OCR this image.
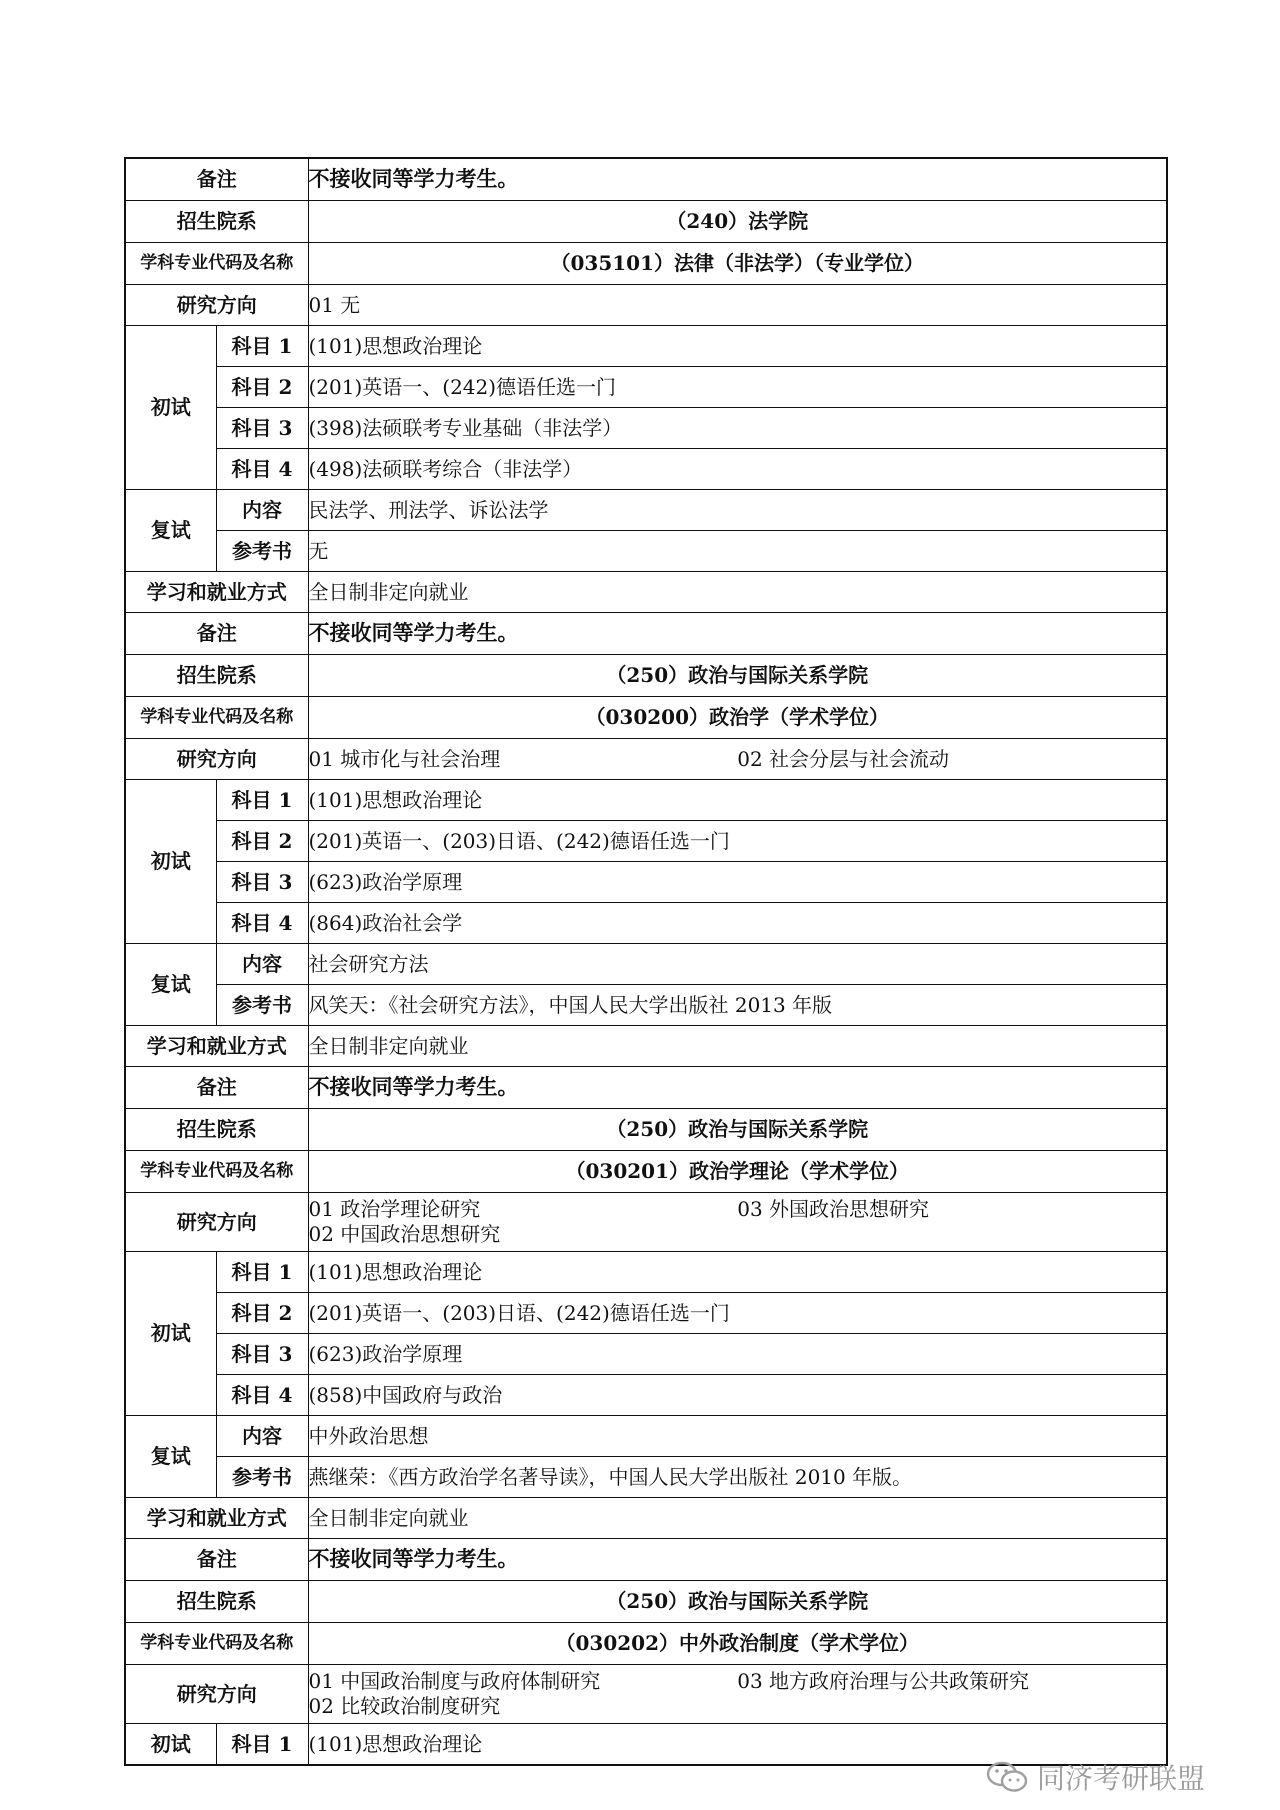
备注		不接收同等学力考生。
招生院系		（240）法学院
学科专业代码及名称		（035101）法律（非法学）（专业学位）
研究方向		01 无

初试	科目 1	(101)思想政治理论
	科目 2	(201)英语一、(242)德语任选一门
	科目 3	(398)法硕联考专业基础（非法学）
	科目 4	(498)法硕联考综合（非法学）
复试	内容	民法学、刑法学、诉讼法学
	参考书	无
学习和就业方式		全日制非定向就业
备注		不接收同等学力考生。
招生院系		（250）政治与国际关系学院
学科专业代码及名称		（030200）政治学（学术学位）
研究方向		01 城市化与社会治理 02 社会分层与社会流动

初试	科目 1	(101)思想政治理论
	科目 2	(201)英语一、(203)日语、(242)德语任选一门
	科目 3	(623)政治学原理
	科目 4	(864)政治社会学
复试	内容	社会研究方法
	参考书	风笑天：《社会研究方法》，中国人民大学出版社 2013 年版
学习和就业方式		全日制非定向就业
备注		不接收同等学力考生。
招生院系		（250）政治与国际关系学院
学科专业代码及名称		（030201）政治学理论（学术学位）
研究方向		01 政治学理论研究 03 外国政治思想研究
02 中国政治思想研究

初试	科目 1	(101)思想政治理论
	科目 2	(201)英语一、(203)日语、(242)德语任选一门
	科目 3	(623)政治学原理
	科目 4	(858)中国政府与政治
复试	内容	中外政治思想
	参考书	燕继荣：《西方政治学名著导读》，中国人民大学出版社 2010 年版。
学习和就业方式		全日制非定向就业
备注		不接收同等学力考生。
招生院系		（250）政治与国际关系学院
学科专业代码及名称		（030202）中外政治制度（学术学位）
研究方向		01 中国政治制度与政府体制研究 03 地方政府治理与公共政策研究
02 比较政治制度研究

初试	科目 1	(101)思想政治理论
同济考研联盟
